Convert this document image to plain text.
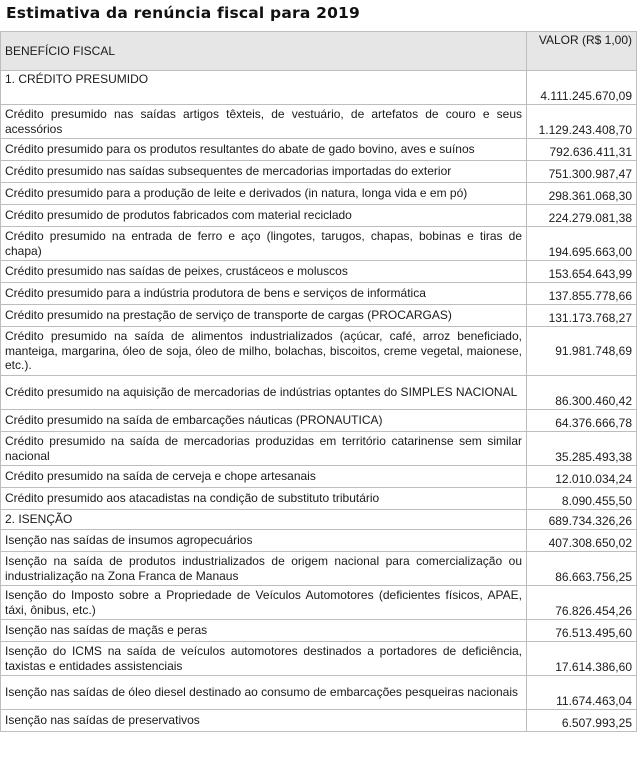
Estimativa da renúncia fiscal para 2019
BENEFÍCIO FISCAL	VALOR (R$ 1,00)
1. CRÉDITO PRESUMIDO	4.111.245.670,09
Crédito presumido nas saídas artigos têxteis, de vestuário, de artefatos de couro e seus acessórios	1.129.243.408,70
Crédito presumido para os produtos resultantes do abate de gado bovino, aves e suínos	792.636.411,31
Crédito presumido nas saídas subsequentes de mercadorias importadas do exterior	751.300.987,47
Crédito presumido para a produção de leite e derivados (in natura, longa vida e em pó)	298.361.068,30
Crédito presumido de produtos fabricados com material reciclado	224.279.081,38
Crédito presumido na entrada de ferro e aço (lingotes, tarugos, chapas, bobinas e tiras de chapa)	194.695.663,00
Crédito presumido nas saídas de peixes, crustáceos e moluscos	153.654.643,99
Crédito presumido para a indústria produtora de bens e serviços de informática	137.855.778,66
Crédito presumido na prestação de serviço de transporte de cargas (PROCARGAS)	131.173.768,27
Crédito presumido na saída de alimentos industrializados (açúcar, café, arroz beneficiado, manteiga, margarina, óleo de soja, óleo de milho, bolachas, biscoitos, creme vegetal, maionese, etc.).	91.981.748,69
Crédito presumido na aquisição de mercadorias de indústrias optantes do SIMPLES NACIONAL	86.300.460,42
Crédito presumido na saída de embarcações náuticas (PRONAUTICA)	64.376.666,78
Crédito presumido na saída de mercadorias produzidas em território catarinense sem similar nacional	35.285.493,38
Crédito presumido na saída de cerveja e chope artesanais	12.010.034,24
Crédito presumido aos atacadistas na condição de substituto tributário	8.090.455,50
2. ISENÇÃO	689.734.326,26
Isenção nas saídas de insumos agropecuários	407.308.650,02
Isenção na saída de produtos industrializados de origem nacional para comercialização ou industrialização na Zona Franca de Manaus	86.663.756,25
Isenção do Imposto sobre a Propriedade de Veículos Automotores (deficientes físicos, APAE, táxi, ônibus, etc.)	76.826.454,26
Isenção nas saídas de maçãs e peras	76.513.495,60
Isenção do ICMS na saída de veículos automotores destinados a portadores de deficiência, taxistas e entidades assistenciais	17.614.386,60
Isenção nas saídas de óleo diesel destinado ao consumo de embarcações pesqueiras nacionais	11.674.463,04
Isenção nas saídas de preservativos	6.507.993,25
